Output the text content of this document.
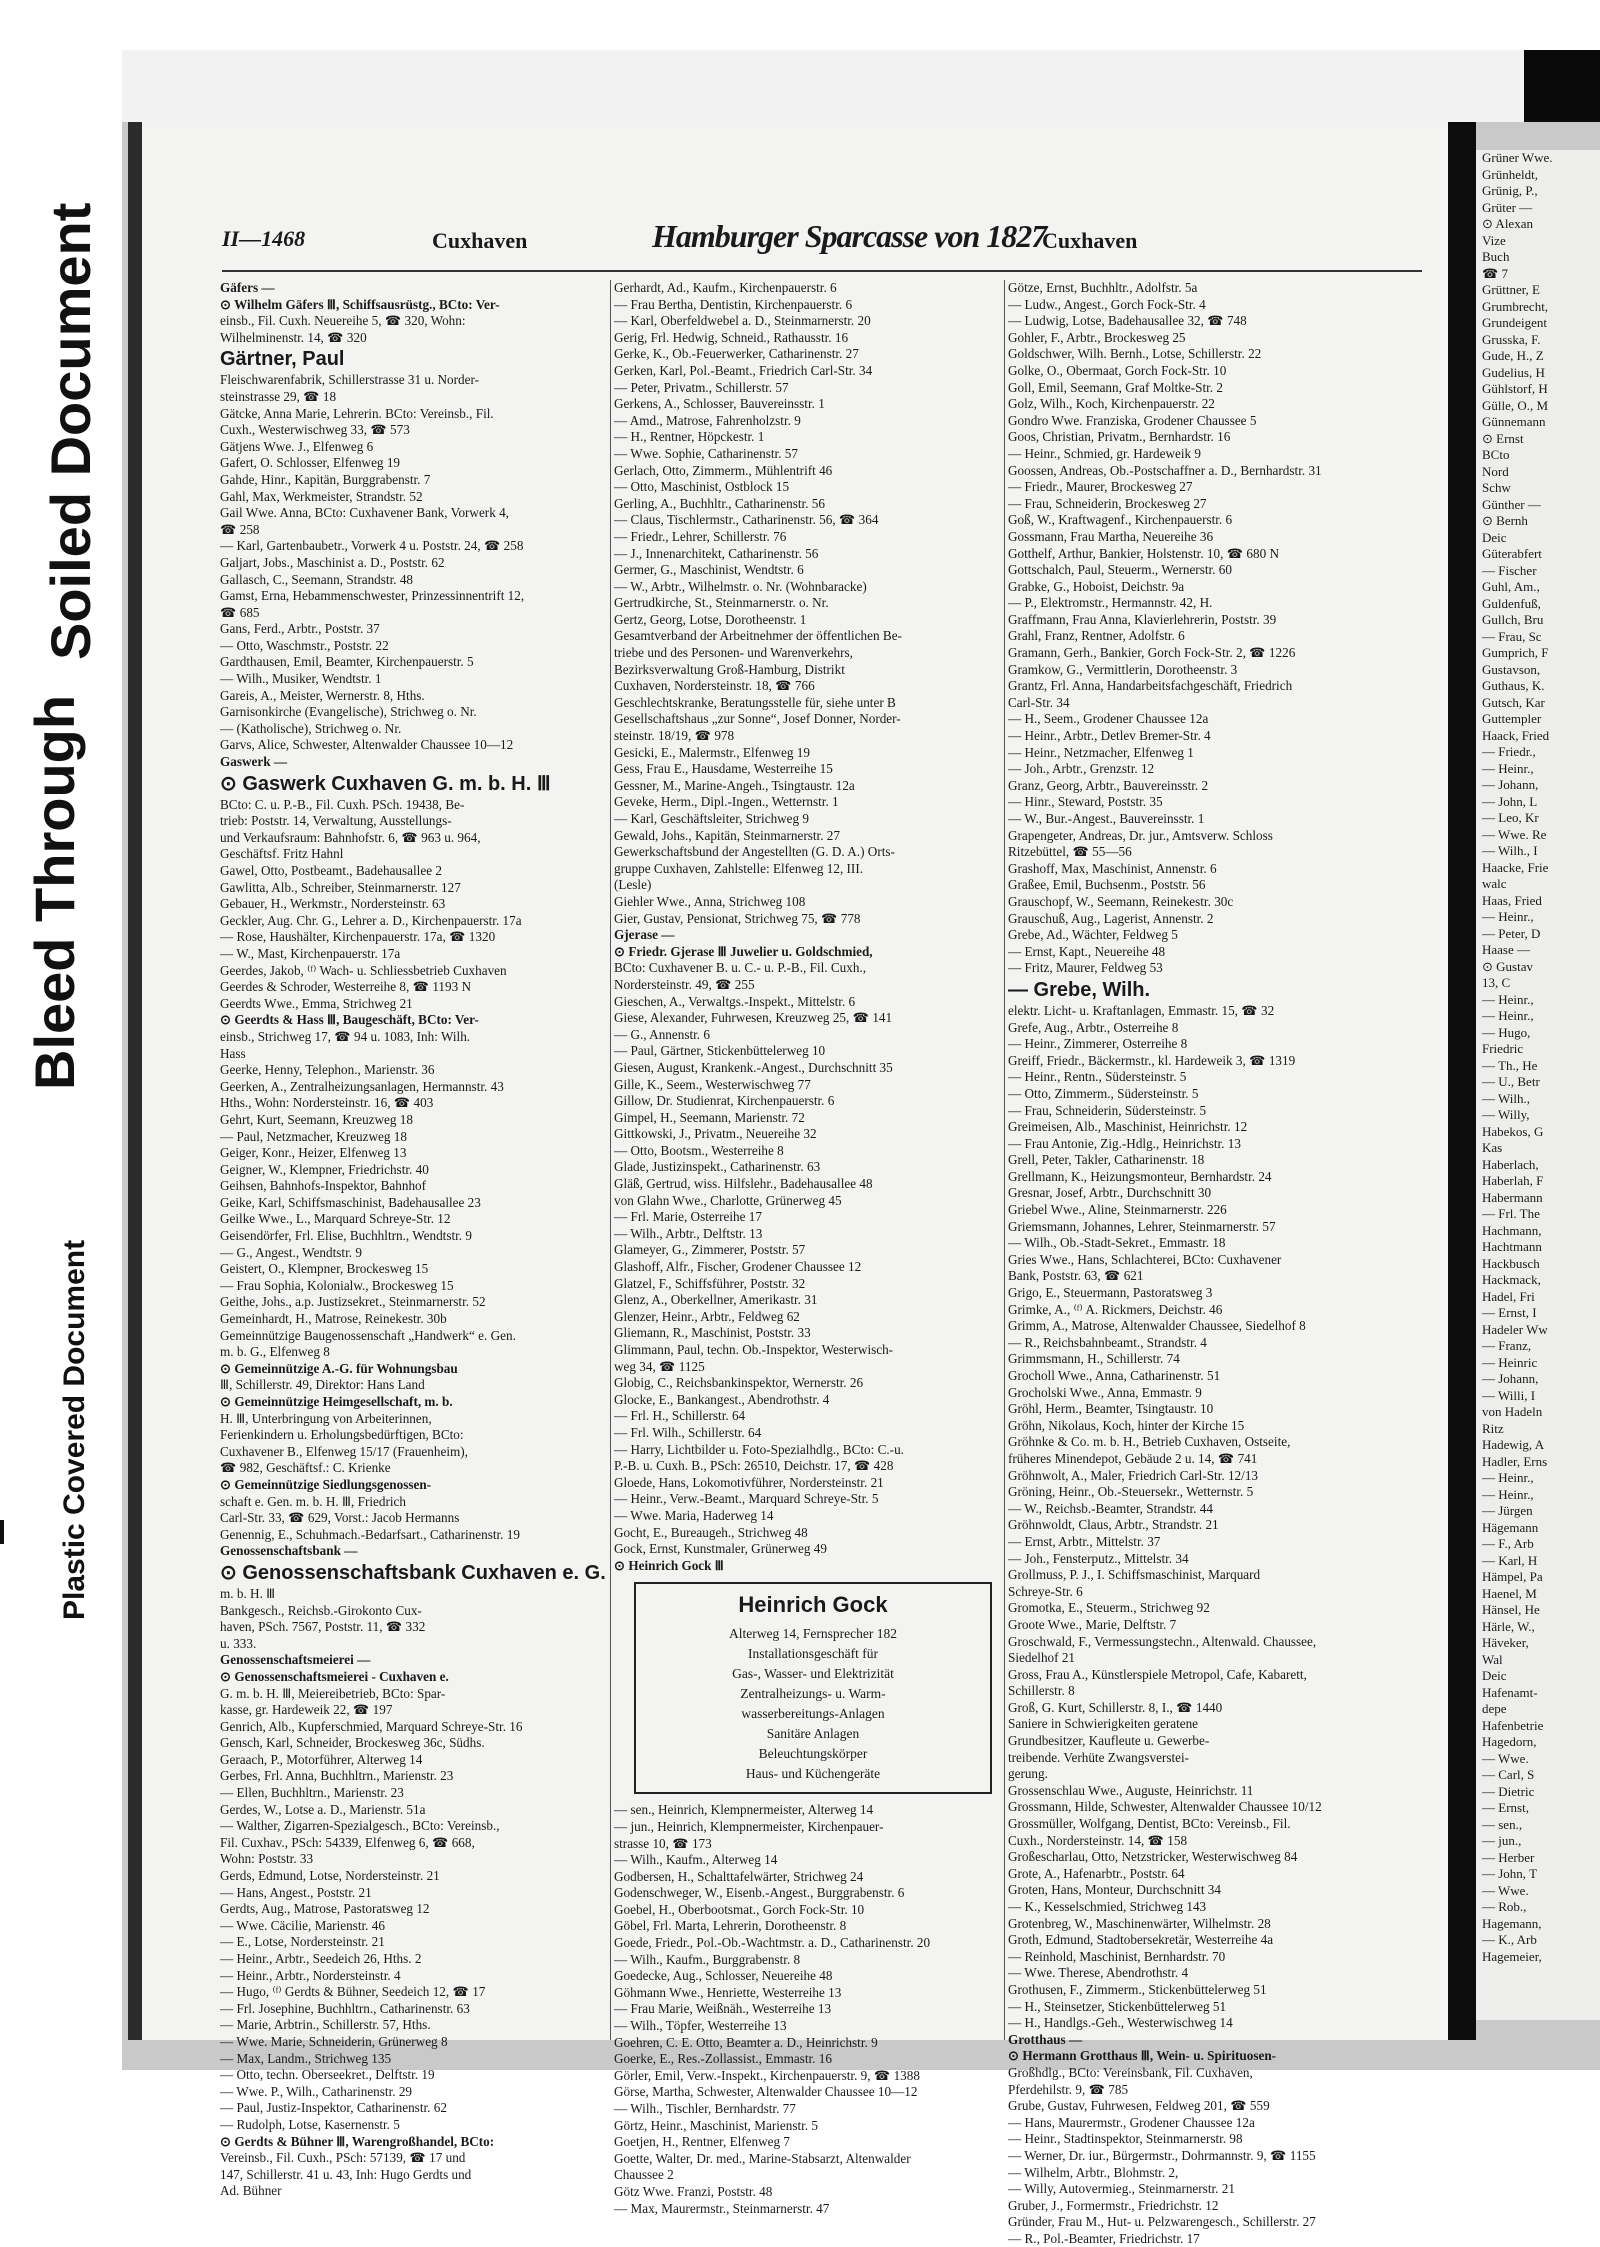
Bleed Through
Soiled Document
Plastic Covered Document
II—1468	Cuxhaven	Hamburger Sparcasse von 1827
Cuxhaven
Gäfers —
⊙ Wilhelm Gäfers Ⅲ, Schiffsausrüstg., BCto: Ver-
einsb., Fil. Cuxh. Neuereihe 5, ☎ 320, Wohn:
Wilhelminenstr. 14, ☎ 320
Gärtner, Paul
Fleischwarenfabrik, Schillerstrasse 31 u. Norder-
steinstrasse 29, ☎ 18
Gätcke, Anna Marie, Lehrerin. BCto: Vereinsb., Fil.
Cuxh., Westerwischweg 33, ☎ 573
Gätjens Wwe. J., Elfenweg 6
Gafert, O. Schlosser, Elfenweg 19
Gahde, Hinr., Kapitän, Burggrabenstr. 7
Gahl, Max, Werkmeister, Strandstr. 52
Gail Wwe. Anna, BCto: Cuxhavener Bank, Vorwerk 4,
☎ 258
— Karl, Gartenbaubetr., Vorwerk 4 u. Poststr. 24, ☎ 258
Galjart, Jobs., Maschinist a. D., Poststr. 62
Gallasch, C., Seemann, Strandstr. 48
Gamst, Erna, Hebammenschwester, Prinzessinnentrift 12,
☎ 685
Gans, Ferd., Arbtr., Poststr. 37
— Otto, Waschmstr., Poststr. 22
Gardthausen, Emil, Beamter, Kirchenpauerstr. 5
— Wilh., Musiker, Wendtstr. 1
Gareis, A., Meister, Wernerstr. 8, Hths.
Garnisonkirche (Evangelische), Strichweg o. Nr.
— (Katholische), Strichweg o. Nr.
Garvs, Alice, Schwester, Altenwalder Chaussee 10—12
Gaswerk —
⊙ Gaswerk Cuxhaven G. m. b. H. Ⅲ
BCto: C. u. P.-B., Fil. Cuxh. PSch. 19438, Be-
trieb: Poststr. 14, Verwaltung, Ausstellungs-
und Verkaufsraum: Bahnhofstr. 6, ☎ 963 u. 964,
Geschäftsf. Fritz Hahnl
Gawel, Otto, Postbeamt., Badehausallee 2
Gawlitta, Alb., Schreiber, Steinmarnerstr. 127
Gebauer, H., Werkmstr., Nordersteinstr. 63
Geckler, Aug. Chr. G., Lehrer a. D., Kirchenpauerstr. 17a
— Rose, Haushälter, Kirchenpauerstr. 17a, ☎ 1320
— W., Mast, Kirchenpauerstr. 17a
Geerdes, Jakob, ⁽ᶠ⁾ Wach- u. Schliessbetrieb Cuxhaven
Geerdes & Schroder, Westerreihe 8, ☎ 1193 N
Geerdts Wwe., Emma, Strichweg 21
⊙ Geerdts & Hass Ⅲ, Baugeschäft, BCto: Ver-
einsb., Strichweg 17, ☎ 94 u. 1083, Inh: Wilh.
Hass
Geerke, Henny, Telephon., Marienstr. 36
Geerken, A., Zentralheizungsanlagen, Hermannstr. 43
Hths., Wohn: Nordersteinstr. 16, ☎ 403
Gehrt, Kurt, Seemann, Kreuzweg 18
— Paul, Netzmacher, Kreuzweg 18
Geiger, Konr., Heizer, Elfenweg 13
Geigner, W., Klempner, Friedrichstr. 40
Geihsen, Bahnhofs-Inspektor, Bahnhof
Geike, Karl, Schiffsmaschinist, Badehausallee 23
Geilke Wwe., L., Marquard Schreye-Str. 12
Geisendörfer, Frl. Elise, Buchhltrn., Wendtstr. 9
— G., Angest., Wendtstr. 9
Geistert, O., Klempner, Brockesweg 15
— Frau Sophia, Kolonialw., Brockesweg 15
Geithe, Johs., a.p. Justizsekret., Steinmarnerstr. 52
Gemeinhardt, H., Matrose, Reinekestr. 30b
Gemeinnützige Baugenossenschaft „Handwerk“ e. Gen.
m. b. G., Elfenweg 8
⊙ Gemeinnützige A.-G. für Wohnungsbau
Ⅲ, Schillerstr. 49, Direktor: Hans Land
⊙ Gemeinnützige Heimgesellschaft, m. b.
H. Ⅲ, Unterbringung von Arbeiterinnen,
Ferienkindern u. Erholungsbedürftigen, BCto:
Cuxhavener B., Elfenweg 15/17 (Frauenheim),
☎ 982, Geschäftsf.: C. Krienke
⊙ Gemeinnützige Siedlungsgenossen-
schaft e. Gen. m. b. H. Ⅲ, Friedrich
Carl-Str. 33, ☎ 629, Vorst.: Jacob Hermanns
Genennig, E., Schuhmach.-Bedarfsart., Catharinenstr. 19
Genossenschaftsbank —
⊙ Genossenschaftsbank Cuxhaven e. G.
m. b. H. Ⅲ
Bankgesch., Reichsb.-Girokonto Cux-
haven, PSch. 7567, Poststr. 11, ☎ 332
u. 333.
Genossenschaftsmeierei —
⊙ Genossenschaftsmeierei - Cuxhaven e.
G. m. b. H. Ⅲ, Meiereibetrieb, BCto: Spar-
kasse, gr. Hardeweik 22, ☎ 197
Genrich, Alb., Kupferschmied, Marquard Schreye-Str. 16
Gensch, Karl, Schneider, Brockesweg 36c, Südhs.
Geraach, P., Motorführer, Alterweg 14
Gerbes, Frl. Anna, Buchhltrn., Marienstr. 23
— Ellen, Buchhltrn., Marienstr. 23
Gerdes, W., Lotse a. D., Marienstr. 51a
— Walther, Zigarren-Spezialgesch., BCto: Vereinsb.,
Fil. Cuxhav., PSch: 54339, Elfenweg 6, ☎ 668,
Wohn: Poststr. 33
Gerds, Edmund, Lotse, Nordersteinstr. 21
— Hans, Angest., Poststr. 21
Gerdts, Aug., Matrose, Pastoratsweg 12
— Wwe. Cäcilie, Marienstr. 46
— E., Lotse, Nordersteinstr. 21
— Heinr., Arbtr., Seedeich 26, Hths. 2
— Heinr., Arbtr., Nordersteinstr. 4
— Hugo, ⁽ᶠ⁾ Gerdts & Bühner, Seedeich 12, ☎ 17
— Frl. Josephine, Buchhltrn., Catharinenstr. 63
— Marie, Arbtrin., Schillerstr. 57, Hths.
— Wwe. Marie, Schneiderin, Grünerweg 8
— Max, Landm., Strichweg 135
— Otto, techn. Oberseekret., Delftstr. 19
— Wwe. P., Wilh., Catharinenstr. 29
— Paul, Justiz-Inspektor, Catharinenstr. 62
— Rudolph, Lotse, Kasernenstr. 5
⊙ Gerdts & Bühner Ⅲ, Warengroßhandel, BCto:
Vereinsb., Fil. Cuxh., PSch: 57139, ☎ 17 und
147, Schillerstr. 41 u. 43, Inh: Hugo Gerdts und
Ad. Bühner
Gerhardt, Ad., Kaufm., Kirchenpauerstr. 6
— Frau Bertha, Dentistin, Kirchenpauerstr. 6
— Karl, Oberfeldwebel a. D., Steinmarnerstr. 20
Gerig, Frl. Hedwig, Schneid., Rathausstr. 16
Gerke, K., Ob.-Feuerwerker, Catharinenstr. 27
Gerken, Karl, Pol.-Beamt., Friedrich Carl-Str. 34
— Peter, Privatm., Schillerstr. 57
Gerkens, A., Schlosser, Bauvereinsstr. 1
— Amd., Matrose, Fahrenholzstr. 9
— H., Rentner, Höpckestr. 1
— Wwe. Sophie, Catharinenstr. 57
Gerlach, Otto, Zimmerm., Mühlentrift 46
— Otto, Maschinist, Ostblock 15
Gerling, A., Buchhltr., Catharinenstr. 56
— Claus, Tischlermstr., Catharinenstr. 56, ☎ 364
— Friedr., Lehrer, Schillerstr. 76
— J., Innenarchitekt, Catharinenstr. 56
Germer, G., Maschinist, Wendtstr. 6
— W., Arbtr., Wilhelmstr. o. Nr. (Wohnbaracke)
Gertrudkirche, St., Steinmarnerstr. o. Nr.
Gertz, Georg, Lotse, Dorotheenstr. 1
Gesamtverband der Arbeitnehmer der öffentlichen Be-
triebe und des Personen- und Warenverkehrs,
Bezirksverwaltung Groß-Hamburg, Distrikt
Cuxhaven, Nordersteinstr. 18, ☎ 766
Geschlechtskranke, Beratungsstelle für, siehe unter B
Gesellschaftshaus „zur Sonne“, Josef Donner, Norder-
steinstr. 18/19, ☎ 978
Gesicki, E., Malermstr., Elfenweg 19
Gess, Frau E., Hausdame, Westerreihe 15
Gessner, M., Marine-Angeh., Tsingtaustr. 12a
Geveke, Herm., Dipl.-Ingen., Wetternstr. 1
— Karl, Geschäftsleiter, Strichweg 9
Gewald, Johs., Kapitän, Steinmarnerstr. 27
Gewerkschaftsbund der Angestellten (G. D. A.) Orts-
gruppe Cuxhaven, Zahlstelle: Elfenweg 12, III.
(Lesle)
Giehler Wwe., Anna, Strichweg 108
Gier, Gustav, Pensionat, Strichweg 75, ☎ 778
Gjerase —
⊙ Friedr. Gjerase Ⅲ Juwelier u. Goldschmied,
BCto: Cuxhavener B. u. C.- u. P.-B., Fil. Cuxh.,
Nordersteinstr. 49, ☎ 255
Gieschen, A., Verwaltgs.-Inspekt., Mittelstr. 6
Giese, Alexander, Fuhrwesen, Kreuzweg 25, ☎ 141
— G., Annenstr. 6
— Paul, Gärtner, Stickenbüttelerweg 10
Giesen, August, Krankenk.-Angest., Durchschnitt 35
Gille, K., Seem., Westerwischweg 77
Gillow, Dr. Studienrat, Kirchenpauerstr. 6
Gimpel, H., Seemann, Marienstr. 72
Gittkowski, J., Privatm., Neuereihe 32
— Otto, Bootsm., Westerreihe 8
Glade, Justizinspekt., Catharinenstr. 63
Gläß, Gertrud, wiss. Hilfslehr., Badehausallee 48
von Glahn Wwe., Charlotte, Grünerweg 45
— Frl. Marie, Osterreihe 17
— Wilh., Arbtr., Delftstr. 13
Glameyer, G., Zimmerer, Poststr. 57
Glashoff, Alfr., Fischer, Grodener Chaussee 12
Glatzel, F., Schiffsführer, Poststr. 32
Glenz, A., Oberkellner, Amerikastr. 31
Glenzer, Heinr., Arbtr., Feldweg 62
Gliemann, R., Maschinist, Poststr. 33
Glimmann, Paul, techn. Ob.-Inspektor, Westerwisch-
weg 34, ☎ 1125
Globig, C., Reichsbankinspektor, Wernerstr. 26
Glocke, E., Bankangest., Abendrothstr. 4
— Frl. H., Schillerstr. 64
— Frl. Wilh., Schillerstr. 64
— Harry, Lichtbilder u. Foto-Spezialhdlg., BCto: C.-u.
P.-B. u. Cuxh. B., PSch: 26510, Deichstr. 17, ☎ 428
Gloede, Hans, Lokomotivführer, Nordersteinstr. 21
— Heinr., Verw.-Beamt., Marquard Schreye-Str. 5
— Wwe. Maria, Haderweg 14
Gocht, E., Bureaugeh., Strichweg 48
Gock, Ernst, Kunstmaler, Grünerweg 49
⊙ Heinrich Gock Ⅲ
Heinrich Gock
Alterweg 14, Fernsprecher 182
Installationsgeschäft für
Gas-, Wasser- und Elektrizität
Zentralheizungs- u. Warm-
wasserbereitungs-Anlagen
Sanitäre Anlagen
Beleuchtungskörper
Haus- und Küchengeräte
— sen., Heinrich, Klempnermeister, Alterweg 14
— jun., Heinrich, Klempnermeister, Kirchenpauer-
strasse 10, ☎ 173
— Wilh., Kaufm., Alterweg 14
Godbersen, H., Schalttafelwärter, Strichweg 24
Godenschweger, W., Eisenb.-Angest., Burggrabenstr. 6
Goebel, H., Oberbootsmat., Gorch Fock-Str. 10
Göbel, Frl. Marta, Lehrerin, Dorotheenstr. 8
Goede, Friedr., Pol.-Ob.-Wachtmstr. a. D., Catharinenstr. 20
— Wilh., Kaufm., Burggrabenstr. 8
Goedecke, Aug., Schlosser, Neuereihe 48
Göhmann Wwe., Henriette, Westerreihe 13
— Frau Marie, Weißnäh., Westerreihe 13
— Wilh., Töpfer, Westerreihe 13
Goehren, C. E. Otto, Beamter a. D., Heinrichstr. 9
Goerke, E., Res.-Zollassist., Emmastr. 16
Görler, Emil, Verw.-Inspekt., Kirchenpauerstr. 9, ☎ 1388
Görse, Martha, Schwester, Altenwalder Chaussee 10—12
— Wilh., Tischler, Bernhardstr. 77
Görtz, Heinr., Maschinist, Marienstr. 5
Goetjen, H., Rentner, Elfenweg 7
Goette, Walter, Dr. med., Marine-Stabsarzt, Altenwalder
Chaussee 2
Götz Wwe. Franzi, Poststr. 48
— Max, Maurermstr., Steinmarnerstr. 47
Götze, Ernst, Buchhltr., Adolfstr. 5a
— Ludw., Angest., Gorch Fock-Str. 4
— Ludwig, Lotse, Badehausallee 32, ☎ 748
Gohler, F., Arbtr., Brockesweg 25
Goldschwer, Wilh. Bernh., Lotse, Schillerstr. 22
Golke, O., Obermaat, Gorch Fock-Str. 10
Goll, Emil, Seemann, Graf Moltke-Str. 2
Golz, Wilh., Koch, Kirchenpauerstr. 22
Gondro Wwe. Franziska, Grodener Chaussee 5
Goos, Christian, Privatm., Bernhardstr. 16
— Heinr., Schmied, gr. Hardeweik 9
Goossen, Andreas, Ob.-Postschaffner a. D., Bernhardstr. 31
— Friedr., Maurer, Brockesweg 27
— Frau, Schneiderin, Brockesweg 27
Goß, W., Kraftwagenf., Kirchenpauerstr. 6
Gossmann, Frau Martha, Neuereihe 36
Gotthelf, Arthur, Bankier, Holstenstr. 10, ☎ 680 N
Gottschalch, Paul, Steuerm., Wernerstr. 60
Grabke, G., Hoboist, Deichstr. 9a
— P., Elektromstr., Hermannstr. 42, H.
Graffmann, Frau Anna, Klavierlehrerin, Poststr. 39
Grahl, Franz, Rentner, Adolfstr. 6
Gramann, Gerh., Bankier, Gorch Fock-Str. 2, ☎ 1226
Gramkow, G., Vermittlerin, Dorotheenstr. 3
Grantz, Frl. Anna, Handarbeitsfachgeschäft, Friedrich
Carl-Str. 34
— H., Seem., Grodener Chaussee 12a
— Heinr., Arbtr., Detlev Bremer-Str. 4
— Heinr., Netzmacher, Elfenweg 1
— Joh., Arbtr., Grenzstr. 12
Granz, Georg, Arbtr., Bauvereinsstr. 2
— Hinr., Steward, Poststr. 35
— W., Bur.-Angest., Bauvereinsstr. 1
Grapengeter, Andreas, Dr. jur., Amtsverw. Schloss
Ritzebüttel, ☎ 55—56
Grashoff, Max, Maschinist, Annenstr. 6
Graßee, Emil, Buchsenm., Poststr. 56
Grauschopf, W., Seemann, Reinekestr. 30c
Grauschuß, Aug., Lagerist, Annenstr. 2
Grebe, Ad., Wächter, Feldweg 5
— Ernst, Kapt., Neuereihe 48
— Fritz, Maurer, Feldweg 53
— Grebe, Wilh.
elektr. Licht- u. Kraftanlagen, Emmastr. 15, ☎ 32
Grefe, Aug., Arbtr., Osterreihe 8
— Heinr., Zimmerer, Osterreihe 8
Greiff, Friedr., Bäckermstr., kl. Hardeweik 3, ☎ 1319
— Heinr., Rentn., Südersteinstr. 5
— Otto, Zimmerm., Südersteinstr. 5
— Frau, Schneiderin, Südersteinstr. 5
Greimeisen, Alb., Maschinist, Heinrichstr. 12
— Frau Antonie, Zig.-Hdlg., Heinrichstr. 13
Grell, Peter, Takler, Catharinenstr. 18
Grellmann, K., Heizungsmonteur, Bernhardstr. 24
Gresnar, Josef, Arbtr., Durchschnitt 30
Griebel Wwe., Aline, Steinmarnerstr. 226
Griemsmann, Johannes, Lehrer, Steinmarnerstr. 57
— Wilh., Ob.-Stadt-Sekret., Emmastr. 18
Gries Wwe., Hans, Schlachterei, BCto: Cuxhavener
Bank, Poststr. 63, ☎ 621
Grigo, E., Steuermann, Pastoratsweg 3
Grimke, A., ⁽ᶠ⁾ A. Rickmers, Deichstr. 46
Grimm, A., Matrose, Altenwalder Chaussee, Siedelhof 8
— R., Reichsbahnbeamt., Strandstr. 4
Grimmsmann, H., Schillerstr. 74
Grocholl Wwe., Anna, Catharinenstr. 51
Grocholski Wwe., Anna, Emmastr. 9
Gröhl, Herm., Beamter, Tsingtaustr. 10
Gröhn, Nikolaus, Koch, hinter der Kirche 15
Gröhnke & Co. m. b. H., Betrieb Cuxhaven, Ostseite,
früheres Minendepot, Gebäude 2 u. 14, ☎ 741
Gröhnwolt, A., Maler, Friedrich Carl-Str. 12/13
Gröning, Heinr., Ob.-Steuersekr., Wetternstr. 5
— W., Reichsb.-Beamter, Strandstr. 44
Gröhnwoldt, Claus, Arbtr., Strandstr. 21
— Ernst, Arbtr., Mittelstr. 37
— Joh., Fensterputz., Mittelstr. 34
Grollmuss, P. J., I. Schiffsmaschinist, Marquard
Schreye-Str. 6
Gromotka, E., Steuerm., Strichweg 92
Groote Wwe., Marie, Delftstr. 7
Groschwald, F., Vermessungstechn., Altenwald. Chaussee,
Siedelhof 21
Gross, Frau A., Künstlerspiele Metropol, Cafe, Kabarett,
Schillerstr. 8
Groß, G. Kurt, Schillerstr. 8, I., ☎ 1440
Saniere in Schwierigkeiten geratene
Grundbesitzer, Kaufleute u. Gewerbe-
treibende. Verhüte Zwangsverstei-
gerung.
Grossenschlau Wwe., Auguste, Heinrichstr. 11
Grossmann, Hilde, Schwester, Altenwalder Chaussee 10/12
Grossmüller, Wolfgang, Dentist, BCto: Vereinsb., Fil.
Cuxh., Nordersteinstr. 14, ☎ 158
Großescharlau, Otto, Netzstricker, Westerwischweg 84
Grote, A., Hafenarbtr., Poststr. 64
Groten, Hans, Monteur, Durchschnitt 34
— K., Kesselschmied, Strichweg 143
Grotenbreg, W., Maschinenwärter, Wilhelmstr. 28
Groth, Edmund, Stadtobersekretär, Westerreihe 4a
— Reinhold, Maschinist, Bernhardstr. 70
— Wwe. Therese, Abendrothstr. 4
Grothusen, F., Zimmerm., Stickenbüttelerweg 51
— H., Steinsetzer, Stickenbüttelerweg 51
— H., Handlgs.-Geh., Westerwischweg 14
Grotthaus —
⊙ Hermann Grotthaus Ⅲ, Wein- u. Spirituosen-
Großhdlg., BCto: Vereinsbank, Fil. Cuxhaven,
Pferdehilstr. 9, ☎ 785
Grube, Gustav, Fuhrwesen, Feldweg 201, ☎ 559
— Hans, Maurermstr., Grodener Chaussee 12a
— Heinr., Stadtinspektor, Steinmarnerstr. 98
— Werner, Dr. iur., Bürgermstr., Dohrmannstr. 9, ☎ 1155
— Wilhelm, Arbtr., Blohmstr. 2,
— Willy, Autovermieg., Steinmarnerstr. 21
Gruber, J., Formermstr., Friedrichstr. 12
Gründer, Frau M., Hut- u. Pelzwarengesch., Schillerstr. 27
— R., Pol.-Beamter, Friedrichstr. 17
Grüner Wwe.
Grünheldt,
Grünig, P.,
Grüter —
⊙ Alexan
Vize
Buch
☎ 7
Grüttner, E
Grumbrecht,
Grundeigent
Grusska, F.
Gude, H., Z
Gudelius, H
Gühlstorf, H
Gülle, O., M
Günnemann
⊙ Ernst
BCto
Nord
Schw
Günther —
⊙ Bernh
Deic
Güterabfert
— Fischer
Guhl, Am.,
Guldenfuß,
Gullch, Bru
— Frau, Sc
Gumprich, F
Gustavson,
Guthaus, K.
Gutsch, Kar
Guttempler
Haack, Fried
— Friedr.,
— Heinr.,
— Johann,
— John, L
— Leo, Kr
— Wwe. Re
— Wilh., I
Haacke, Frie
walc
Haas, Fried
— Heinr.,
— Peter, D
Haase —
⊙ Gustav
13, C
— Heinr.,
— Heinr.,
— Hugo,
Friedric
— Th., He
— U., Betr
— Wilh.,
— Willy,
Habekos, G
Kas
Haberlach,
Haberlah, F
Habermann
— Frl. The
Hachmann,
Hachtmann
Hackbusch
Hackmack,
Hadel, Fri
— Ernst, I
Hadeler Ww
— Franz,
— Heinric
— Johann,
— Willi, I
von Hadeln
Ritz
Hadewig, A
Hadler, Erns
— Heinr.,
— Heinr.,
— Jürgen
Hägemann
— F., Arb
— Karl, H
Hämpel, Pa
Haenel, M
Hänsel, He
Härle, W.,
Häveker,
Wal
Deic
Hafenamt-
depe
Hafenbetrie
Hagedorn,
— Wwe.
— Carl, S
— Dietric
— Ernst,
— sen.,
— jun.,
— Herber
— John, T
— Wwe.
— Rob.,
Hagemann,
— K., Arb
Hagemeier,
